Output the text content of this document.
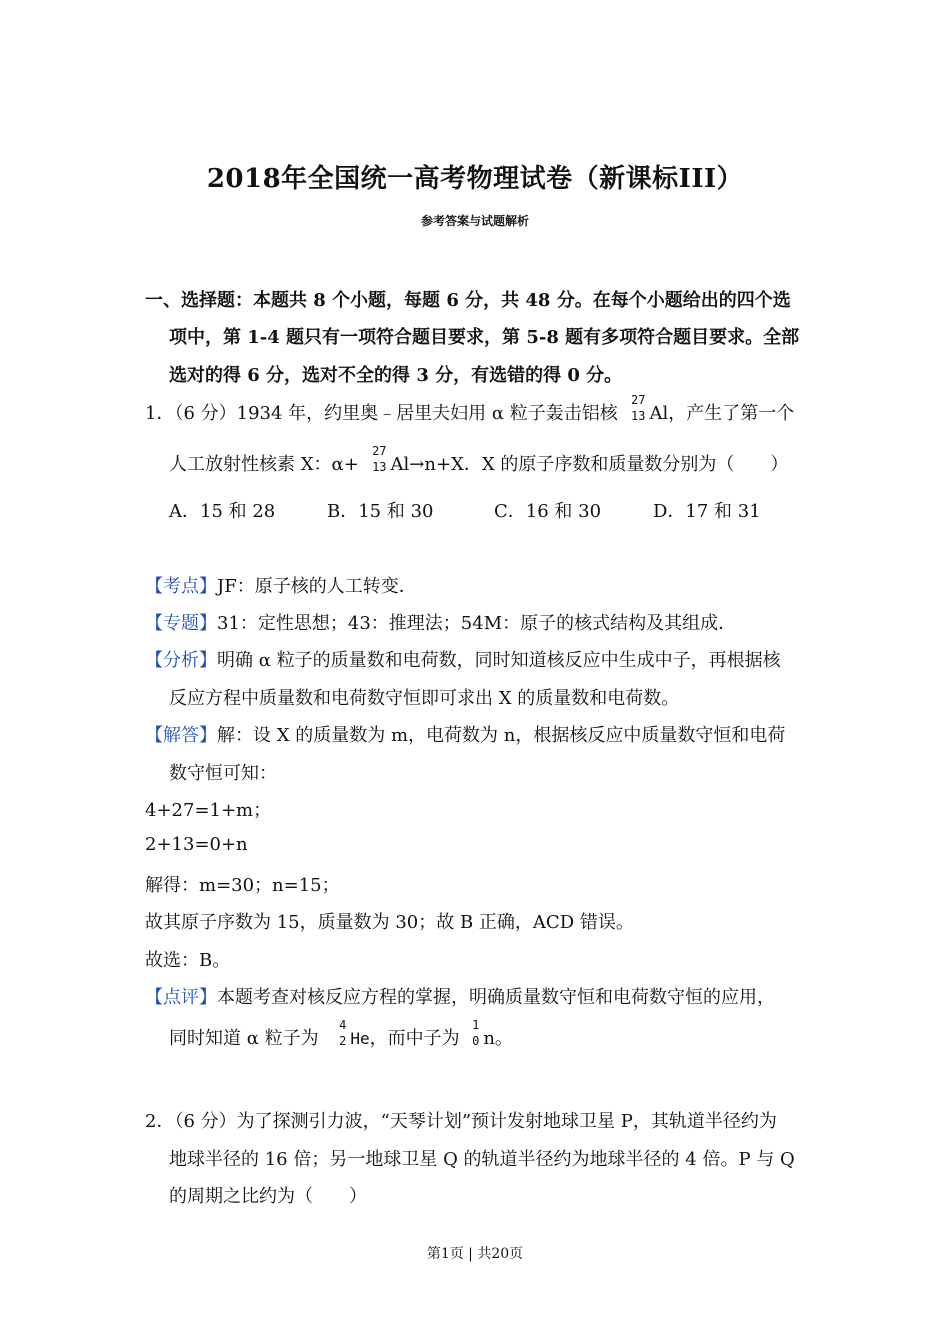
2018年全国统一高考物理试卷（新课标III）
参考答案与试题解析
一、选择题：本题共 8 个小题，每题 6 分，共 48 分。在每个小题给出的四个选
项中，第 1-4 题只有一项符合题目要求，第 5-8 题有多项符合题目要求。全部
选对的得 6 分，选对不全的得 3 分，有选错的得 0 分。
1．（6 分）1934 年，约里奥﹣居里夫妇用 α 粒子轰击铝核
27
13 Al，产生了第一个
人工放射性核素 X：α+
27
13 Al→n+X．X 的原子序数和质量数分别为（　　）
A．15 和 28	B．15 和 30	C．16 和 30	D．17 和 31
【考点】JF：原子核的人工转变．
【专题】31：定性思想；43：推理法；54M：原子的核式结构及其组成．
【分析】明确 α 粒子的质量数和电荷数，同时知道核反应中生成中子，再根据核
反应方程中质量数和电荷数守恒即可求出 X 的质量数和电荷数。
【解答】解：设 X 的质量数为 m，电荷数为 n，根据核反应中质量数守恒和电荷
数守恒可知：
4+27=1+m；
2+13=0+n
解得：m=30；n=15；
故其原子序数为 15，质量数为 30；故 B 正确，ACD 错误。
故选：B。
【点评】本题考查对核反应方程的掌握，明确质量数守恒和电荷数守恒的应用，
同时知道 α 粒子为
4
2 He，而中子为
1
0 n。
2．（6 分）为了探测引力波，“天琴计划”预计发射地球卫星 P，其轨道半径约为
地球半径的 16 倍；另一地球卫星 Q 的轨道半径约为地球半径的 4 倍。P 与 Q
的周期之比约为（　　）
第1页 | 共20页
